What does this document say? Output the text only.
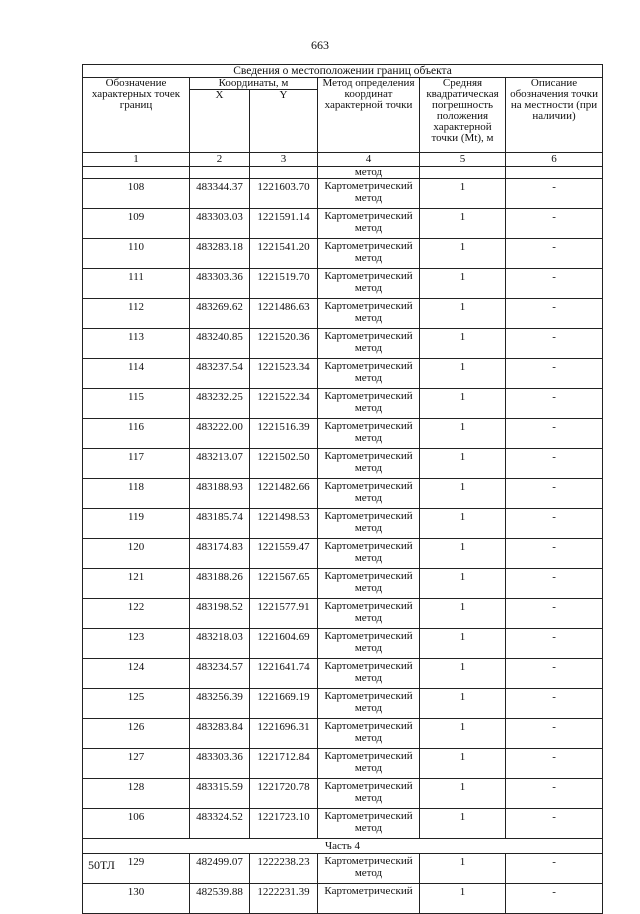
663
Сведения о местоположении границ объекта					
Обозначение характерных точек границ	Координаты, м		Метод определения координат характерной точки	Средняя квадратическая погрешность положения характерной точки (Mt), м	Описание обозначения точки на местности (при наличии)
	X	Y			
1	2	3	4	5	6
			метод		
108	483344.37	1221603.70	Картометрический метод	1	-
109	483303.03	1221591.14	Картометрический метод	1	-
110	483283.18	1221541.20	Картометрический метод	1	-
111	483303.36	1221519.70	Картометрический метод	1	-
112	483269.62	1221486.63	Картометрический метод	1	-
113	483240.85	1221520.36	Картометрический метод	1	-
114	483237.54	1221523.34	Картометрический метод	1	-
115	483232.25	1221522.34	Картометрический метод	1	-
116	483222.00	1221516.39	Картометрический метод	1	-
117	483213.07	1221502.50	Картометрический метод	1	-
118	483188.93	1221482.66	Картометрический метод	1	-
119	483185.74	1221498.53	Картометрический метод	1	-
120	483174.83	1221559.47	Картометрический метод	1	-
121	483188.26	1221567.65	Картометрический метод	1	-
122	483198.52	1221577.91	Картометрический метод	1	-
123	483218.03	1221604.69	Картометрический метод	1	-
124	483234.57	1221641.74	Картометрический метод	1	-
125	483256.39	1221669.19	Картометрический метод	1	-
126	483283.84	1221696.31	Картометрический метод	1	-
127	483303.36	1221712.84	Картометрический метод	1	-
128	483315.59	1221720.78	Картометрический метод	1	-
106	483324.52	1221723.10	Картометрический метод	1	-
Часть 4					
129	482499.07	1222238.23	Картометрический метод	1	-
130	482539.88	1222231.39	Картометрический	1	-
50ТЛ
